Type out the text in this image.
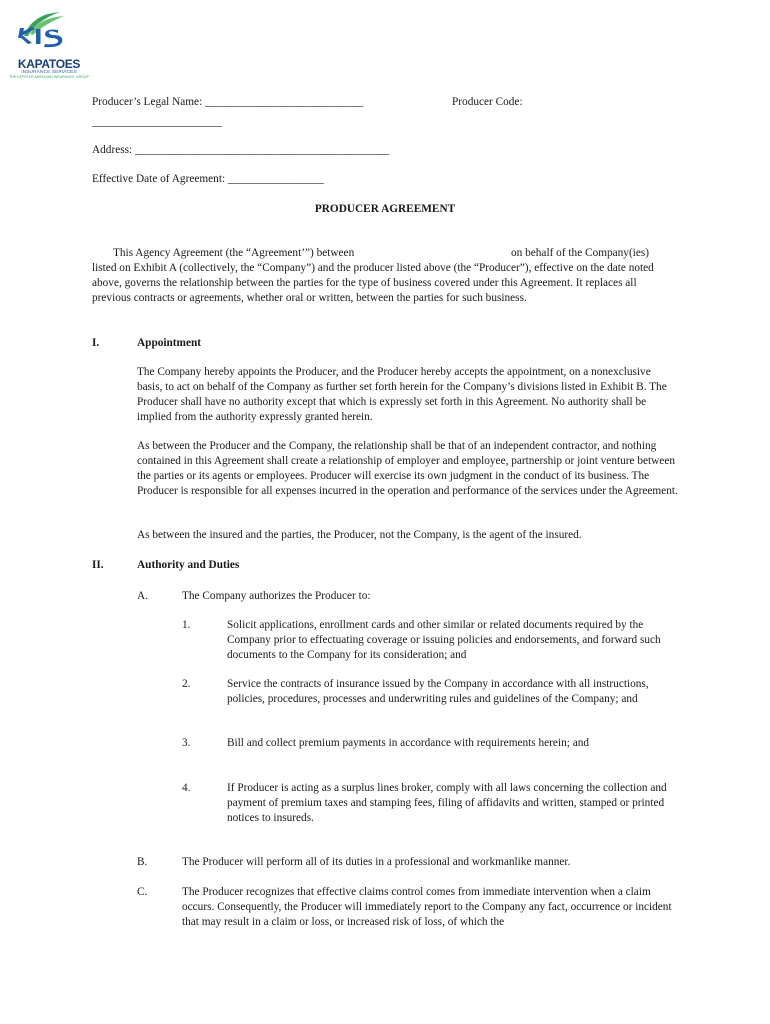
KAPATOES
INSURANCE SERVICES
THE KEPPLER-MERIDIAN INSURANCE GROUP
Producer’s Legal Name: ____________________________	Producer Code:
_______________________
Address: _____________________________________________
Effective Date of Agreement: _________________
PRODUCER AGREEMENT
This Agency Agreement (the “Agreement’”) between	on behalf of the Company(ies)
listed on Exhibit A (collectively, the “Company”) and the producer listed above (the “Producer”), effective on the date noted above, governs the relationship between the parties for the type of business covered under this Agreement. It replaces all previous contracts or agreements, whether oral or written, between the parties for such business.
I.	Appointment
The Company hereby appoints the Producer, and the Producer hereby accepts the appointment, on a nonexclusive basis, to act on behalf of the Company as further set forth herein for the Company’s divisions listed in Exhibit B. The Producer shall have no authority except that which is expressly set forth in this Agreement. No authority shall be implied from the authority expressly granted herein.
As between the Producer and the Company, the relationship shall be that of an independent contractor, and nothing contained in this Agreement shall create a relationship of employer and employee, partnership or joint venture between the parties or its agents or employees. Producer will exercise its own judgment in the conduct of its business. The Producer is responsible for all expenses incurred in the operation and performance of the services under the Agreement.
As between the insured and the parties, the Producer, not the Company, is the agent of the insured.
II.	Authority and Duties
A.	The Company authorizes the Producer to:
1.	Solicit applications, enrollment cards and other similar or related documents required by the Company prior to effectuating coverage or issuing policies and endorsements, and forward such documents to the Company for its consideration; and
2.	Service the contracts of insurance issued by the Company in accordance with all instructions, policies, procedures, processes and underwriting rules and guidelines of the Company; and
3.	Bill and collect premium payments in accordance with requirements herein; and
4.	If Producer is acting as a surplus lines broker, comply with all laws concerning the collection and payment of premium taxes and stamping fees, filing of affidavits and written, stamped or printed notices to insureds.
B.	The Producer will perform all of its duties in a professional and workmanlike manner.
C.	The Producer recognizes that effective claims control comes from immediate intervention when a claim occurs. Consequently, the Producer will immediately report to the Company any fact, occurrence or incident that may result in a claim or loss, or increased risk of loss, of which the
